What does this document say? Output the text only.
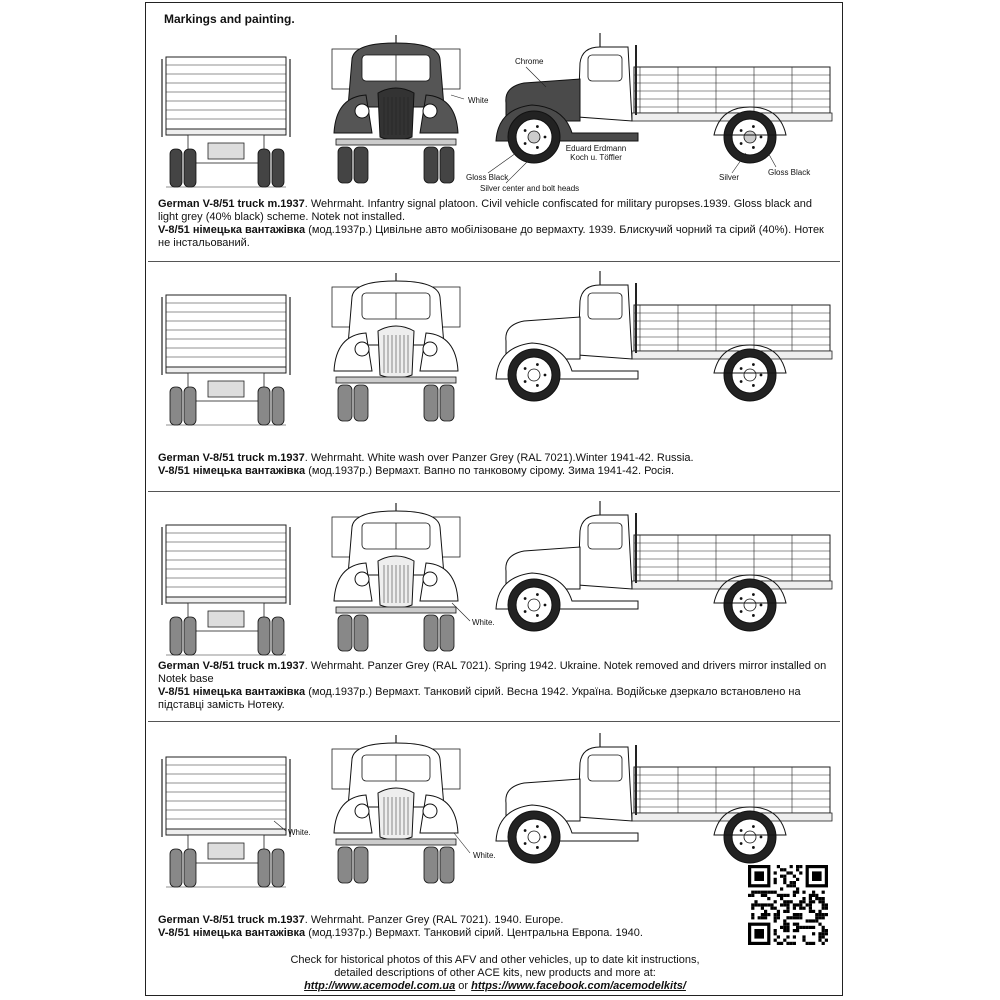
Markings and painting.
Chrome
White
Gloss Black
Silver center and bolt heads
Silver
Gloss Black
Eduard Erdmann
Koch u. Töffler
White.
White.
White.
German V-8/51 truck m.1937. Wehrmaht. Infantry signal platoon. Civil vehicle confiscated for military puropses.1939. Gloss black and light grey (40% black) scheme. Notek not installed.
V-8/51 німецька вантажівка (мод.1937р.) Цивільне авто мобілізоване до вермахту. 1939. Блискучий чорний та сірий (40%). Нотек не інстальований.
German V-8/51 truck m.1937. Wehrmaht. White wash over Panzer Grey (RAL 7021).Winter 1941-42. Russia.
V-8/51 німецька вантажівка (мод.1937р.) Вермахт. Вапно по танковому сірому. Зима 1941-42. Росія.
German V-8/51 truck m.1937. Wehrmaht. Panzer Grey (RAL 7021). Spring 1942. Ukraine. Notek removed and drivers mirror installed on Notek base
V-8/51 німецька вантажівка (мод.1937р.) Вермахт. Танковий сірий. Весна 1942. Україна. Водійське дзеркало встановлено на підставці замість Нотеку.
German V-8/51 truck m.1937. Wehrmaht. Panzer Grey (RAL 7021). 1940. Europe.
V-8/51 німецька вантажівка (мод.1937р.) Вермахт. Танковий сірий. Центральна Европа. 1940.
Check for historical photos of this AFV and other vehicles, up to date kit instructions,
detailed descriptions of other ACE kits, new products and more at:
http://www.acemodel.com.ua or https://www.facebook.com/acemodelkits/
